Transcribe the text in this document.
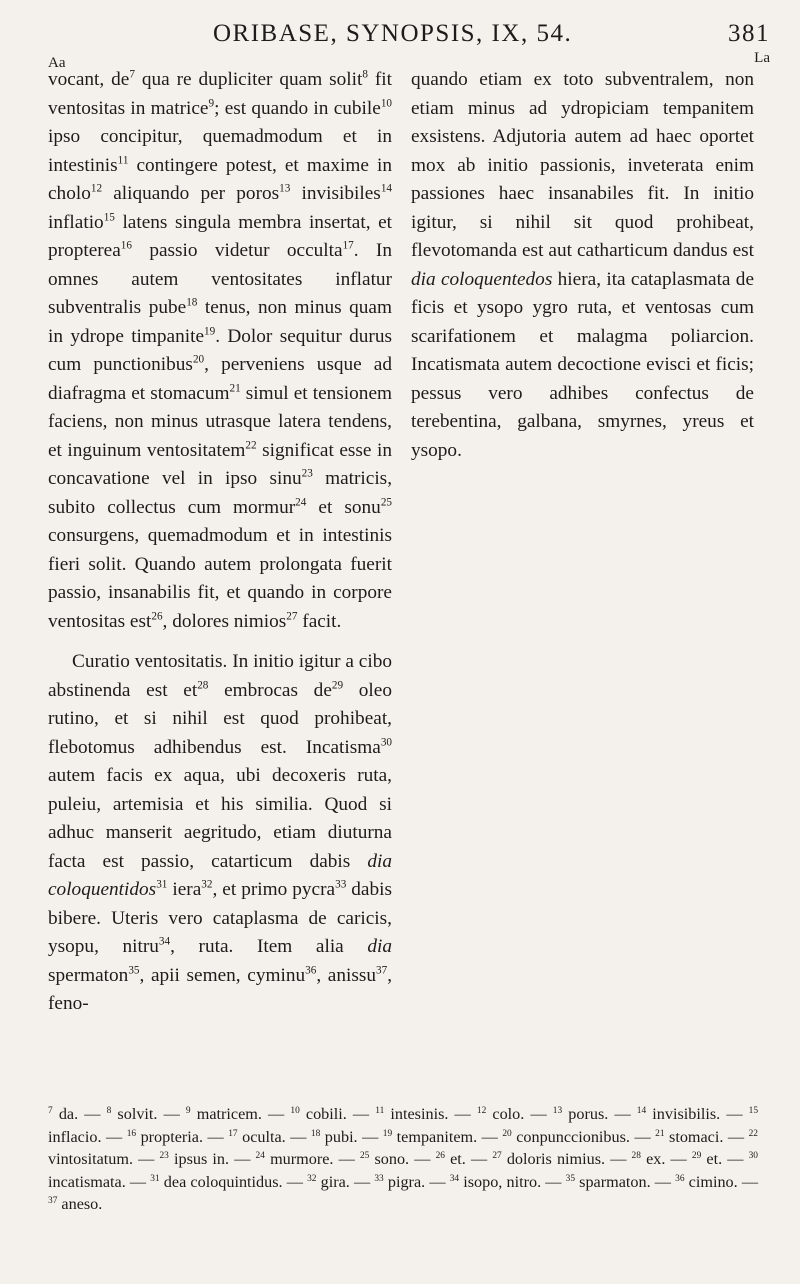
ORIBASE, SYNOPSIS, IX, 54.	381
Aa	La

vocant, $de^7$ qua re dupliciter quam solit$^8$ fit ventositas in matrice$^9$; est quando in cubile$^{10}$ ipso concipitur, quemadmodum et in intestinis$^{11}$ contingere potest, et maxime in cholo$^{12}$ aliquando per poros$^{13}$ invisibiles$^{14}$ inflatio$^{15}$ latens singula membra insertat, et propterea$^{16}$ passio videtur occulta$^{17}$. In omnes autem ventositates inflatur subventralis pube$^{18}$ tenus, non minus quam in ydrope timpanite$^{19}$. Dolor sequitur durus cum punctionibus$^{20}$, perveniens usque ad diafragma et stomacum$^{21}$ simul et tensionem faciens, non minus utrasque latera tendens, et inguinum ventositatem$^{22}$ significat esse in concavatione vel in ipso sinu$^{23}$ matricis, subito collectus cum mormur$^{24}$ et sonu$^{25}$ consurgens, quemadmodum et in intestinis fieri solit. Quando autem prolongata fuerit passio, insanabilis fit, et quando in corpore ventositas est$^{26}$, dolores nimios$^{27}$ facit.

Curatio ventositatis. In initio igitur a cibo abstinenda est $et^{28}$ embrocas $de^{29}$ oleo rutino, et si nihil est quod prohibeat, flebotomus adhibendus est. Incatisma$^{30}$ autem facis ex aqua, ubi decoxeris ruta, puleiu, artemisia et his similia. Quod si adhuc manserit aegritudo, etiam diuturna facta est passio, catarticum dabis dia coloquentidos$^{31}$ iera$^{32}$, et primo pycra$^{33}$ dabis bibere. Uteris vero cataplasma de caricis, ysopu, nitru$^{34}$, ruta. Item alia dia spermaton$^{35}$, apii semen, cyminu$^{36}$, anissu$^{37}$, feno-

quando etiam ex toto subventralem, non etiam minus ad ydropiciam tempanitem exsistens. Adjutoria autem ad haec oportet mox ab initio passionis, inveterata enim passiones haec insanabiles fit. In initio igitur, si nihil sit quod prohibeat, flevotomanda est aut catharticum dandus est dia coloquentedos hiera, ita cataplasmata de ficis et ysopo ygro ruta, et ventosas cum scarifationem et malagma poliarcion. Incatismata autem decoctione evisci et ficis; pessus vero adhibes confectus de terebentina, galbana, smyrnes, yreus et ysopo.

$^7$ da. — $^8$ solvit. — $^9$ matricem. — $^{10}$ cobili. — $^{11}$ intesinis. — $^{12}$ colo. — $^{13}$ porus. — $^{14}$ invisibilis. — $^{15}$ inflacio. — $^{16}$ propteria. — $^{17}$ oculta. — $^{18}$ pubi. — $^{19}$ tempanitem. — $^{20}$ conpunccionibus. — $^{21}$ stomaci. — $^{22}$ vintositatum. — $^{23}$ ipsus in. — $^{24}$ murmore. — $^{25}$ sono. — $^{26}$ et. — $^{27}$ doloris nimius. — $^{28}$ ex. — $^{29}$ et. — $^{30}$ incatismata. — $^{31}$ dea coloquintidus. — $^{32}$ gira. — $^{33}$ pigra. — $^{34}$ isopo, nitro. — $^{35}$ sparmaton. — $^{36}$ cimino. — $^{37}$ aneso.
